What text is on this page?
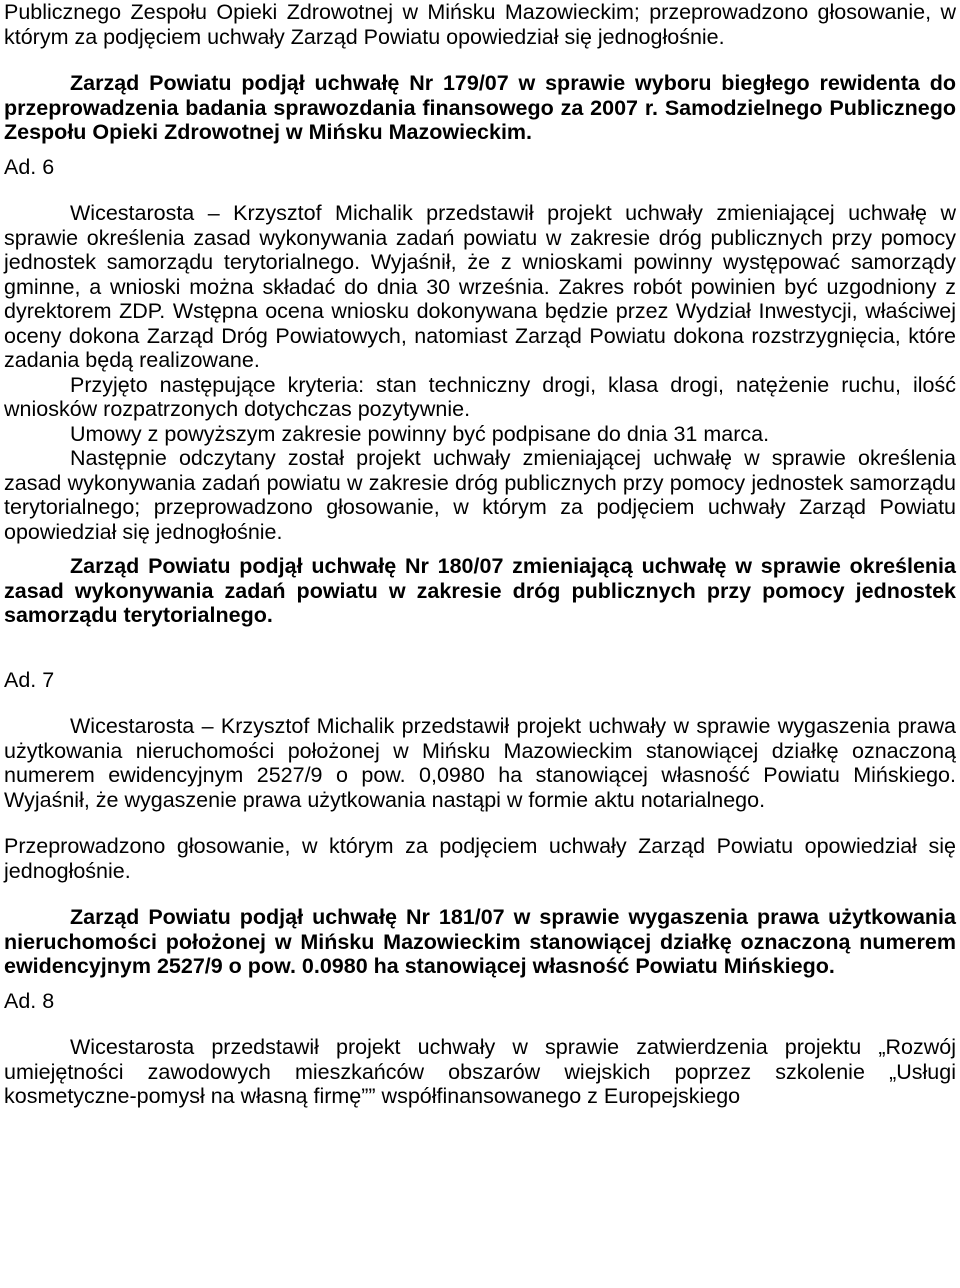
Publicznego Zespołu Opieki Zdrowotnej w Mińsku Mazowieckim; przeprowadzono głosowanie, w którym za podjęciem uchwały Zarząd Powiatu opowiedział się jednogłośnie.

Zarząd Powiatu podjął uchwałę Nr 179/07 w sprawie wyboru biegłego rewidenta do przeprowadzenia badania sprawozdania finansowego za 2007 r. Samodzielnego Publicznego Zespołu Opieki Zdrowotnej w Mińsku Mazowieckim.

Ad. 6

Wicestarosta – Krzysztof Michalik przedstawił projekt uchwały zmieniającej uchwałę w sprawie określenia zasad wykonywania zadań powiatu w zakresie dróg publicznych przy pomocy jednostek samorządu terytorialnego. Wyjaśnił, że z wnioskami powinny występować samorządy gminne, a wnioski można składać do dnia 30 września. Zakres robót powinien być uzgodniony z dyrektorem ZDP. Wstępna ocena wniosku dokonywana będzie przez Wydział Inwestycji, właściwej oceny dokona Zarząd Dróg Powiatowych, natomiast Zarząd Powiatu dokona rozstrzygnięcia, które zadania będą realizowane.

Przyjęto następujące kryteria: stan techniczny drogi, klasa drogi, natężenie ruchu, ilość wniosków rozpatrzonych dotychczas pozytywnie.

Umowy z powyższym zakresie powinny być podpisane do dnia 31 marca.

Następnie odczytany został projekt uchwały zmieniającej uchwałę w sprawie określenia zasad wykonywania zadań powiatu w zakresie dróg publicznych przy pomocy jednostek samorządu terytorialnego; przeprowadzono głosowanie, w którym za podjęciem uchwały Zarząd Powiatu opowiedział się jednogłośnie.

Zarząd Powiatu podjął uchwałę Nr 180/07 zmieniającą uchwałę w sprawie określenia zasad wykonywania zadań powiatu w zakresie dróg publicznych przy pomocy jednostek samorządu terytorialnego.

Ad. 7

Wicestarosta – Krzysztof Michalik przedstawił projekt uchwały w sprawie wygaszenia prawa użytkowania nieruchomości położonej w Mińsku Mazowieckim stanowiącej działkę oznaczoną numerem ewidencyjnym 2527/9 o pow. 0,0980 ha stanowiącej własność Powiatu Mińskiego. Wyjaśnił, że wygaszenie prawa użytkowania nastąpi w formie aktu notarialnego.

Przeprowadzono głosowanie, w którym za podjęciem uchwały Zarząd Powiatu opowiedział się jednogłośnie.

Zarząd Powiatu podjął uchwałę Nr 181/07 w sprawie wygaszenia prawa użytkowania nieruchomości położonej w Mińsku Mazowieckim stanowiącej działkę oznaczoną numerem ewidencyjnym 2527/9 o pow. 0.0980 ha stanowiącej własność Powiatu Mińskiego.

Ad. 8

Wicestarosta przedstawił projekt uchwały w sprawie zatwierdzenia projektu „Rozwój umiejętności zawodowych mieszkańców obszarów wiejskich poprzez szkolenie „Usługi kosmetyczne-pomysł na własną firmę”” współfinansowanego z Europejskiego
